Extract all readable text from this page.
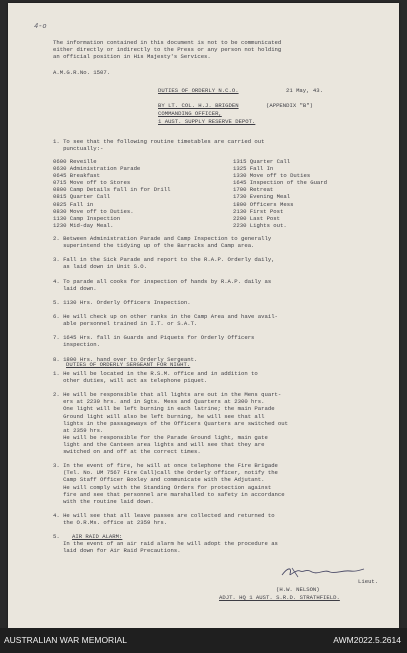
4-o
The information contained in this document is not to be communicated
either directly or indirectly to the Press or any person not holding
an official position in His Majesty's Services.
A.M.G.R.No. 1507.
DUTIES OF ORDERLY N.C.O.	21 May, 43.
BY LT. COL. H.J. BRIGDEN	(APPENDIX "B")
COMMANDING OFFICER,
1 AUST. SUPPLY RESERVE DEPOT.
1. To see that the following routine timetables are carried out
punctually:-
0600 Reveille
0630 Administration Parade
0645 Breakfast
0715 Move off to Stores
0800 Camp Details fall in for Drill
0815 Quarter Call
0825 Fall in
0830 Move off to Duties.
1130 Camp Inspection
1230 Mid-day Meal.
1315 Quarter Call
1325 Fall In
1330 Move off to Duties
1645 Inspection of the Guard
1700 Retreat
1730 Evening Meal
1800 Officers Mess
2130 First Post
2200 Last Post
2230 Lights out.
2. Between Administration Parade and Camp Inspection to generally
superintend the tidying up of the Barracks and Camp area.

3. Fall in the Sick Parade and report to the R.A.P. Orderly daily,
as laid down in Unit S.O.

4. To parade all cooks for inspection of hands by R.A.P. daily as
laid down.

5. 1130 Hrs. Orderly Officers Inspection.

6. He will check up on other ranks in the Camp Area and have avail-
able personnel trained in I.T. or S.A.T.

7. 1645 Hrs. fall in Guards and Piquets for Orderly Officers
inspection.

8. 1800 Hrs. hand over to Orderly Sergeant.
DUTIES OF ORDERLY SERGEANT FOR NIGHT.
1. He will be located in the R.S.M. office and in addition to
other duties, will act as telephone piquet.

2. He will be responsible that all lights are out in the Mens quart-
ers at 2230 hrs. and in Sgts. Mess and Quarters at 2300 hrs.
One light will be left burning in each latrine; the main Parade
Ground light will also be left burning, he will see that all
lights in the passageways of the Officers Quarters are switched out
at 2359 hrs.
He will be responsible for the Parade Ground light, main gate
light and the Canteen area lights and will see that they are
switched on and off at the correct times.

3. In the event of fire, he will at once telephone the Fire Brigade
(Tel. No. UM 7567 Fire Call)call the Orderly officer, notify the
Camp Staff Officer Boxley and communicate with the Adjutant.
He will comply with the Standing Orders for protection against
fire and see that personnel are marshalled to safety in accordance
with the routine laid down.

4. He will see that all leave passes are collected and returned to
the O.R.Ms. office at 2359 hrs.
5. AIR RAID ALARM:
In the event of an air raid alarm he will adopt the procedure as
laid down for Air Raid Precautions.
Lieut.
(H.W. NELSON)
ADJT. HQ 1 AUST. S.R.D. STRATHFIELD.
AUSTRALIAN WAR MEMORIAL	AWM2022.5.2614
